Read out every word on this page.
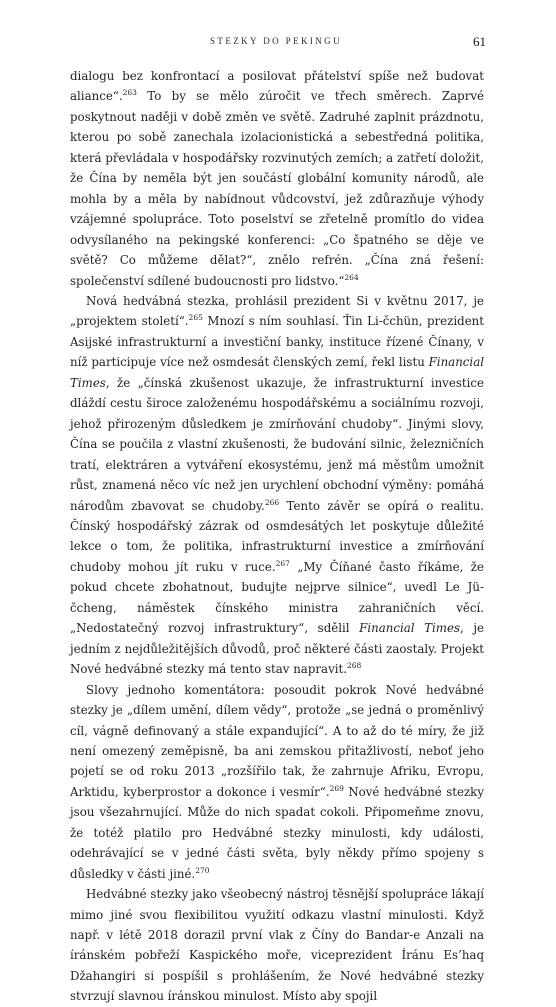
STEZKY DO PEKINGU	61

dialogu bez konfrontací a posilovat přátelství spíše než budovat aliance“.$^{263}$ To by se mělo zúročit ve třech směrech. Zaprvé poskytnout naději v době změn ve světě. Zadruhé zaplnit prázdnotu, kterou po sobě zanechala izolacionistická a sebestředná politika, která převládala v hospodářsky rozvinutých zemích; a zatřetí doložit, že Čína by neměla být jen součástí globální komunity národů, ale mohla by a měla by nabídnout vůdcovství, jež zdůrazňuje výhody vzájemné spolupráce. Toto poselství se zřetelně promítlo do videa odvysílaného na pekingské konferenci: „Co špatného se děje ve světě? Co můžeme dělat?“, znělo refrén. „Čína zná řešení: společenství sdílené budoucnosti pro lidstvo.“$^{264}$

Nová hedvábná stezka, prohlásil prezident Si v květnu 2017, je „projektem století“.$^{265}$ Mnozí s ním souhlasí. Ťin Li-čchün, prezident Asijské infrastrukturní a investiční banky, instituce řízené Čínany, v níž participuje více než osmdesát členských zemí, řekl listu Financial Times, že „čínská zkušenost ukazuje, že infrastrukturní investice dláždí cestu široce založenému hospodářskému a sociálnímu rozvoji, jehož přirozeným důsledkem je zmírňování chudoby“. Jinými slovy, Čína se poučila z vlastní zkušenosti, že budování silnic, železničních tratí, elektráren a vytváření ekosystému, jenž má městům umožnit růst, znamená něco víc než jen urychlení obchodní výměny: pomáhá národům zbavovat se chudoby.$^{266}$ Tento závěr se opírá o realitu. Čínský hospodářský zázrak od osmdesátých let poskytuje důležité lekce o tom, že politika, infrastrukturní investice a zmírňování chudoby mohou jít ruku v ruce.$^{267}$ „My Číňané často říkáme, že pokud chcete zbohatnout, budujte nejprve silnice“, uvedl Le Jü-čcheng, náměstek čínského ministra zahraničních věcí. „Nedostatečný rozvoj infrastruktury“, sdělil Financial Times, je jedním z nejdůležitějších důvodů, proč některé části zaostaly. Projekt Nové hedvábné stezky má tento stav napravit.$^{268}$

Slovy jednoho komentátora: posoudit pokrok Nové hedvábné stezky je „dílem umění, dílem vědy“, protože „se jedná o proměnlivý cíl, vágně definovaný a stále expandující“. A to až do té míry, že již není omezený zeměpisně, ba ani zemskou přitažlivostí, neboť jeho pojetí se od roku 2013 „rozšířilo tak, že zahrnuje Afriku, Evropu, Arktidu, kyberprostor a dokonce i vesmír“.$^{269}$ Nové hedvábné stezky jsou všezahrnující. Může do nich spadat cokoli. Připomeňme znovu, že totéž platilo pro Hedvábné stezky minulosti, kdy události, odehrávající se v jedné části světa, byly někdy přímo spojeny s důsledky v části jiné.$^{270}$

Hedvábné stezky jako všeobecný nástroj těsnější spolupráce lákají mimo jiné svou flexibilitou využití odkazu vlastní minulosti. Když např. v létě 2018 dorazil první vlak z Číny do Bandar-e Anzali na íránském pobřeží Kaspického moře, viceprezident Íránu Es’haq Džahangiri si pospíšil s prohlášením, že Nové hedvábné stezky stvrzují slavnou íránskou minulost. Místo aby spojil
